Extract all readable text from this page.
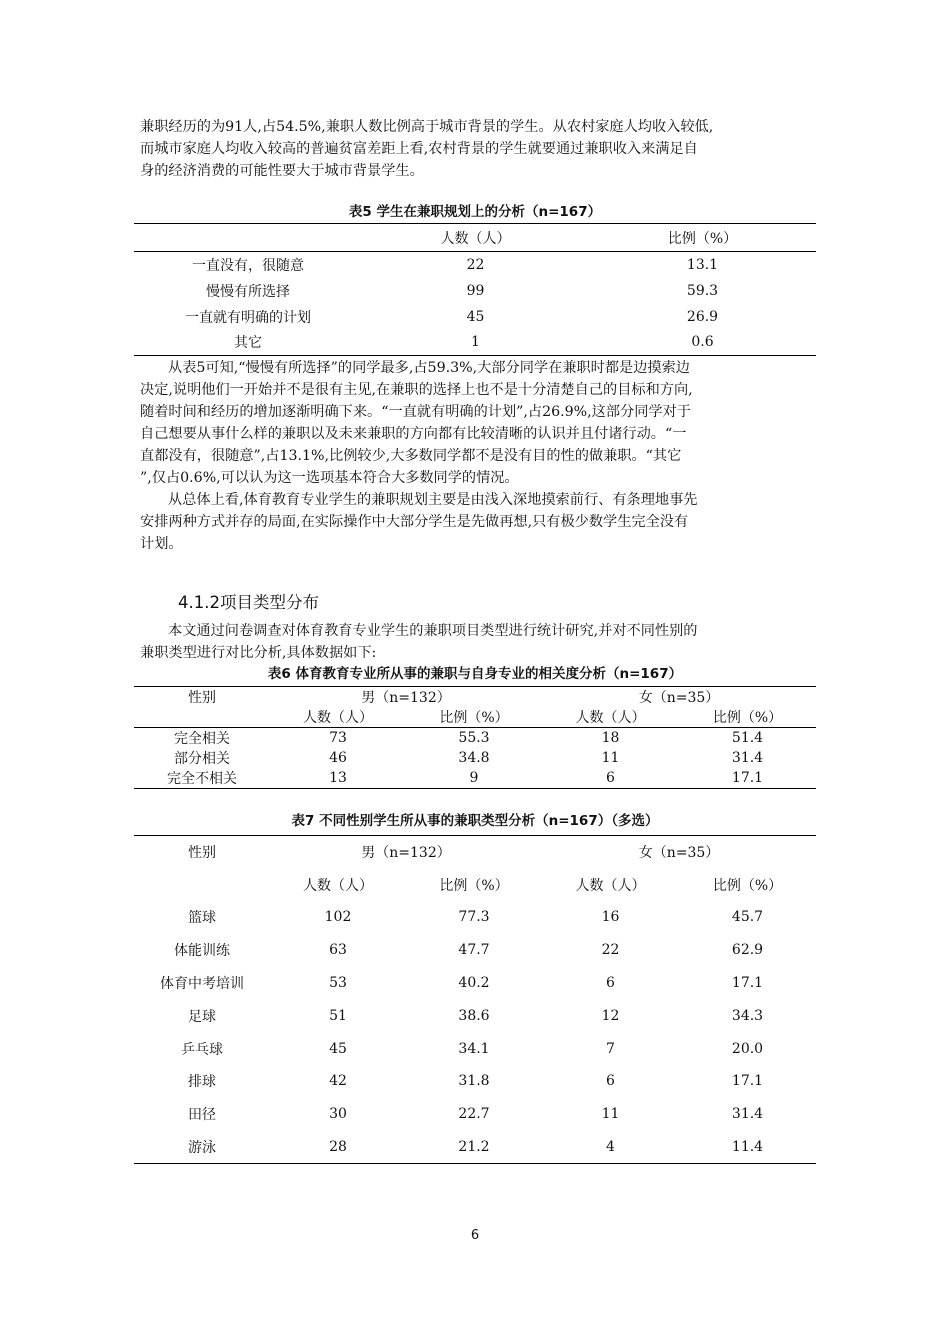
兼职经历的为91人,占54.5%,兼职人数比例高于城市背景的学生。从农村家庭人均收入较低,

而城市家庭人均收入较高的普遍贫富差距上看,农村背景的学生就要通过兼职收入来满足自

身的经济消费的可能性要大于城市背景学生。

表5 学生在兼职规划上的分析（n=167）
	人数（人）	比例（%）
一直没有，很随意	22	13.1
慢慢有所选择	99	59.3
一直就有明确的计划	45	26.9
其它	1	0.6

从表5可知,“慢慢有所选择”的同学最多,占59.3%,大部分同学在兼职时都是边摸索边

决定,说明他们一开始并不是很有主见,在兼职的选择上也不是十分清楚自己的目标和方向,

随着时间和经历的增加逐渐明确下来。“一直就有明确的计划”,占26.9%,这部分同学对于

自己想要从事什么样的兼职以及未来兼职的方向都有比较清晰的认识并且付诸行动。“一

直都没有，很随意”,占13.1%,比例较少,大多数同学都不是没有目的性的做兼职。“其它

”,仅占0.6%,可以认为这一选项基本符合大多数同学的情况。

从总体上看,体育教育专业学生的兼职规划主要是由浅入深地摸索前行、有条理地事先

安排两种方式并存的局面,在实际操作中大部分学生是先做再想,只有极少数学生完全没有

计划。

4.1.2项目类型分布

本文通过问卷调查对体育教育专业学生的兼职项目类型进行统计研究,并对不同性别的

兼职类型进行对比分析,具体数据如下:

表6 体育教育专业所从事的兼职与自身专业的相关度分析（n=167）
性别	男（n=132）		女（n=35）	
	人数（人）	比例（%）	人数（人）	比例（%）
完全相关	73	55.3	18	51.4
部分相关	46	34.8	11	31.4
完全不相关	13	9	6	17.1
表7 不同性别学生所从事的兼职类型分析（n=167）（多选）
性别	男（n=132）		女（n=35）	
	人数（人）	比例（%）	人数（人）	比例（%）
篮球	102	77.3	16	45.7
体能训练	63	47.7	22	62.9
体育中考培训	53	40.2	6	17.1
足球	51	38.6	12	34.3
乒乓球	45	34.1	7	20.0
排球	42	31.8	6	17.1
田径	30	22.7	11	31.4
游泳	28	21.2	4	11.4
6
